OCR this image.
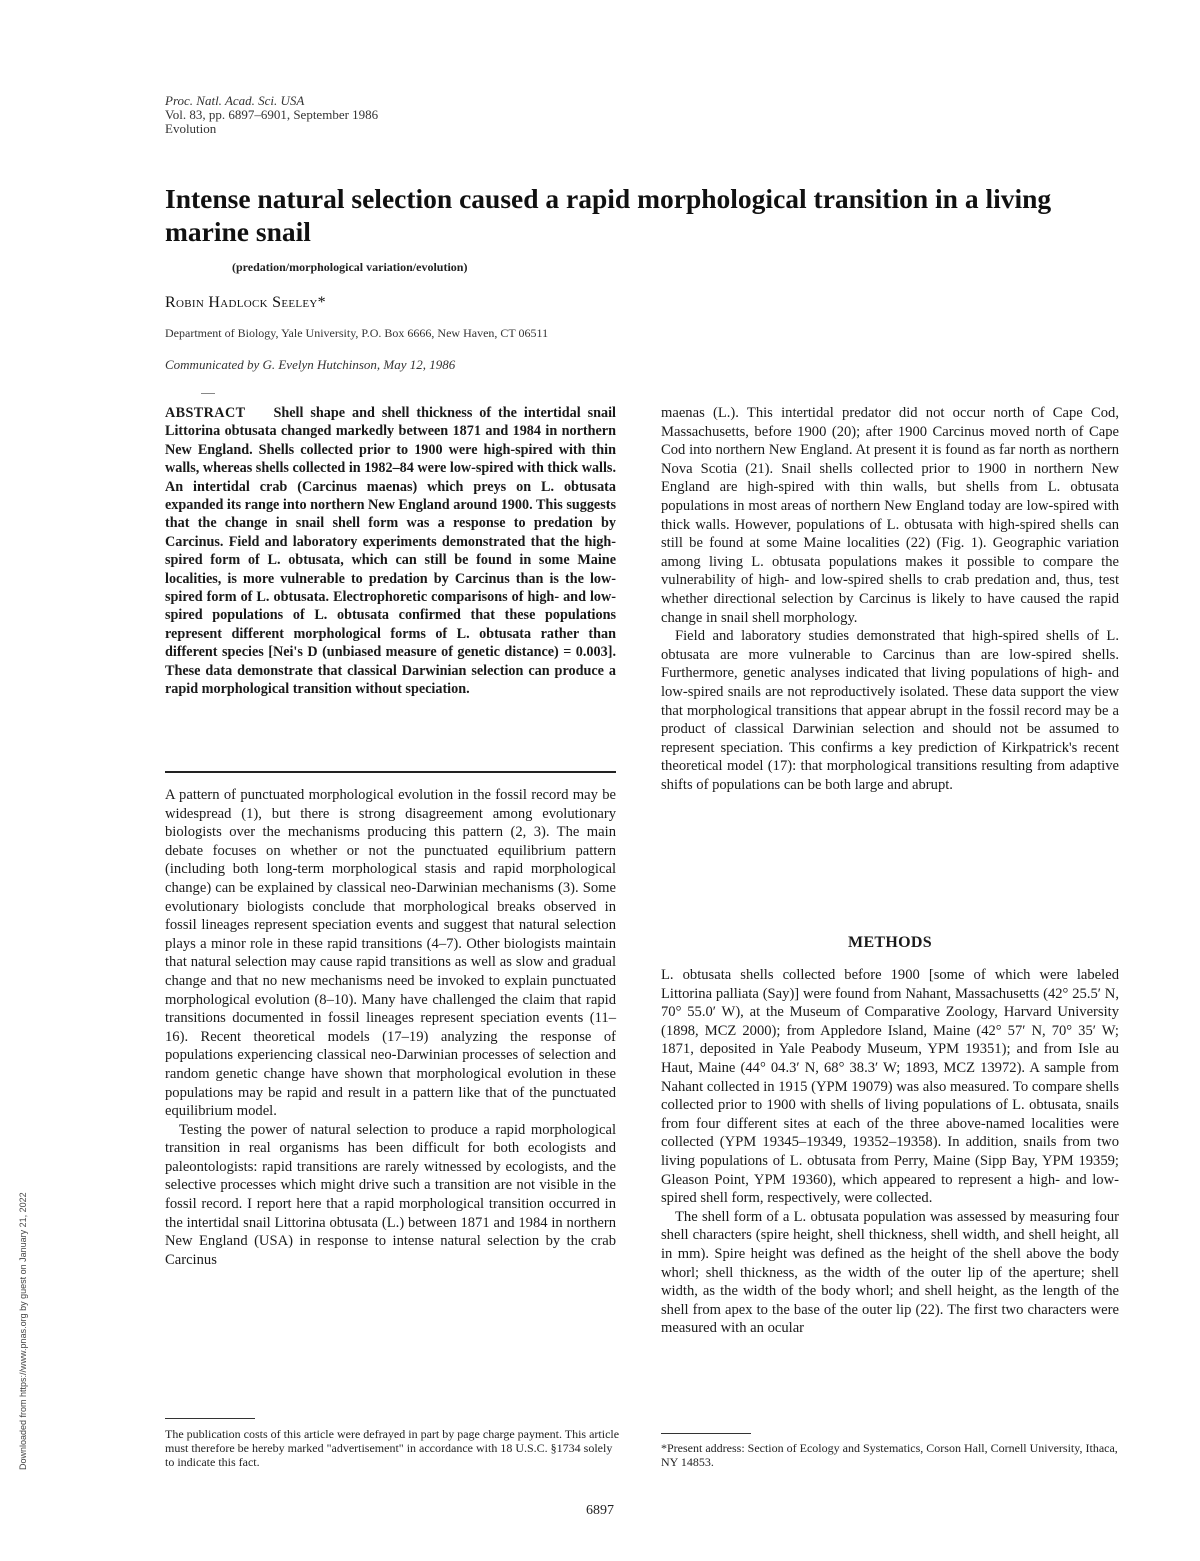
Proc. Natl. Acad. Sci. USA
Vol. 83, pp. 6897–6901, September 1986
Evolution
Intense natural selection caused a rapid morphological transition in a living marine snail
(predation/morphological variation/evolution)
Robin Hadlock Seeley*
Department of Biology, Yale University, P.O. Box 6666, New Haven, CT 06511
Communicated by G. Evelyn Hutchinson, May 12, 1986
ABSTRACT Shell shape and shell thickness of the intertidal snail Littorina obtusata changed markedly between 1871 and 1984 in northern New England. Shells collected prior to 1900 were high-spired with thin walls, whereas shells collected in 1982–84 were low-spired with thick walls. An intertidal crab (Carcinus maenas) which preys on L. obtusata expanded its range into northern New England around 1900. This suggests that the change in snail shell form was a response to predation by Carcinus. Field and laboratory experiments demonstrated that the high-spired form of L. obtusata, which can still be found in some Maine localities, is more vulnerable to predation by Carcinus than is the low-spired form of L. obtusata. Electrophoretic comparisons of high- and low-spired populations of L. obtusata confirmed that these populations represent different morphological forms of L. obtusata rather than different species [Nei's D (unbiased measure of genetic distance) = 0.003]. These data demonstrate that classical Darwinian selection can produce a rapid morphological transition without speciation.

A pattern of punctuated morphological evolution in the fossil record may be widespread (1), but there is strong disagreement among evolutionary biologists over the mechanisms producing this pattern (2, 3). The main debate focuses on whether or not the punctuated equilibrium pattern (including both long-term morphological stasis and rapid morphological change) can be explained by classical neo-Darwinian mechanisms (3). Some evolutionary biologists conclude that morphological breaks observed in fossil lineages represent speciation events and suggest that natural selection plays a minor role in these rapid transitions (4–7). Other biologists maintain that natural selection may cause rapid transitions as well as slow and gradual change and that no new mechanisms need be invoked to explain punctuated morphological evolution (8–10). Many have challenged the claim that rapid transitions documented in fossil lineages represent speciation events (11–16). Recent theoretical models (17–19) analyzing the response of populations experiencing classical neo-Darwinian processes of selection and random genetic change have shown that morphological evolution in these populations may be rapid and result in a pattern like that of the punctuated equilibrium model.

Testing the power of natural selection to produce a rapid morphological transition in real organisms has been difficult for both ecologists and paleontologists: rapid transitions are rarely witnessed by ecologists, and the selective processes which might drive such a transition are not visible in the fossil record. I report here that a rapid morphological transition occurred in the intertidal snail Littorina obtusata (L.) between 1871 and 1984 in northern New England (USA) in response to intense natural selection by the crab Carcinus

maenas (L.). This intertidal predator did not occur north of Cape Cod, Massachusetts, before 1900 (20); after 1900 Carcinus moved north of Cape Cod into northern New England. At present it is found as far north as northern Nova Scotia (21). Snail shells collected prior to 1900 in northern New England are high-spired with thin walls, but shells from L. obtusata populations in most areas of northern New England today are low-spired with thick walls. However, populations of L. obtusata with high-spired shells can still be found at some Maine localities (22) (Fig. 1). Geographic variation among living L. obtusata populations makes it possible to compare the vulnerability of high- and low-spired shells to crab predation and, thus, test whether directional selection by Carcinus is likely to have caused the rapid change in snail shell morphology.

Field and laboratory studies demonstrated that high-spired shells of L. obtusata are more vulnerable to Carcinus than are low-spired shells. Furthermore, genetic analyses indicated that living populations of high- and low-spired snails are not reproductively isolated. These data support the view that morphological transitions that appear abrupt in the fossil record may be a product of classical Darwinian selection and should not be assumed to represent speciation. This confirms a key prediction of Kirkpatrick's recent theoretical model (17): that morphological transitions resulting from adaptive shifts of populations can be both large and abrupt.

METHODS

L. obtusata shells collected before 1900 [some of which were labeled Littorina palliata (Say)] were found from Nahant, Massachusetts (42° 25.5′ N, 70° 55.0′ W), at the Museum of Comparative Zoology, Harvard University (1898, MCZ 2000); from Appledore Island, Maine (42° 57′ N, 70° 35′ W; 1871, deposited in Yale Peabody Museum, YPM 19351); and from Isle au Haut, Maine (44° 04.3′ N, 68° 38.3′ W; 1893, MCZ 13972). A sample from Nahant collected in 1915 (YPM 19079) was also measured. To compare shells collected prior to 1900 with shells of living populations of L. obtusata, snails from four different sites at each of the three above-named localities were collected (YPM 19345–19349, 19352–19358). In addition, snails from two living populations of L. obtusata from Perry, Maine (Sipp Bay, YPM 19359; Gleason Point, YPM 19360), which appeared to represent a high- and low-spired shell form, respectively, were collected.

The shell form of a L. obtusata population was assessed by measuring four shell characters (spire height, shell thickness, shell width, and shell height, all in mm). Spire height was defined as the height of the shell above the body whorl; shell thickness, as the width of the outer lip of the aperture; shell width, as the width of the body whorl; and shell height, as the length of the shell from apex to the base of the outer lip (22). The first two characters were measured with an ocular

The publication costs of this article were defrayed in part by page charge payment. This article must therefore be hereby marked "advertisement" in accordance with 18 U.S.C. §1734 solely to indicate this fact.
*Present address: Section of Ecology and Systematics, Corson Hall, Cornell University, Ithaca, NY 14853.
6897
Downloaded from https://www.pnas.org by guest on January 21, 2022
